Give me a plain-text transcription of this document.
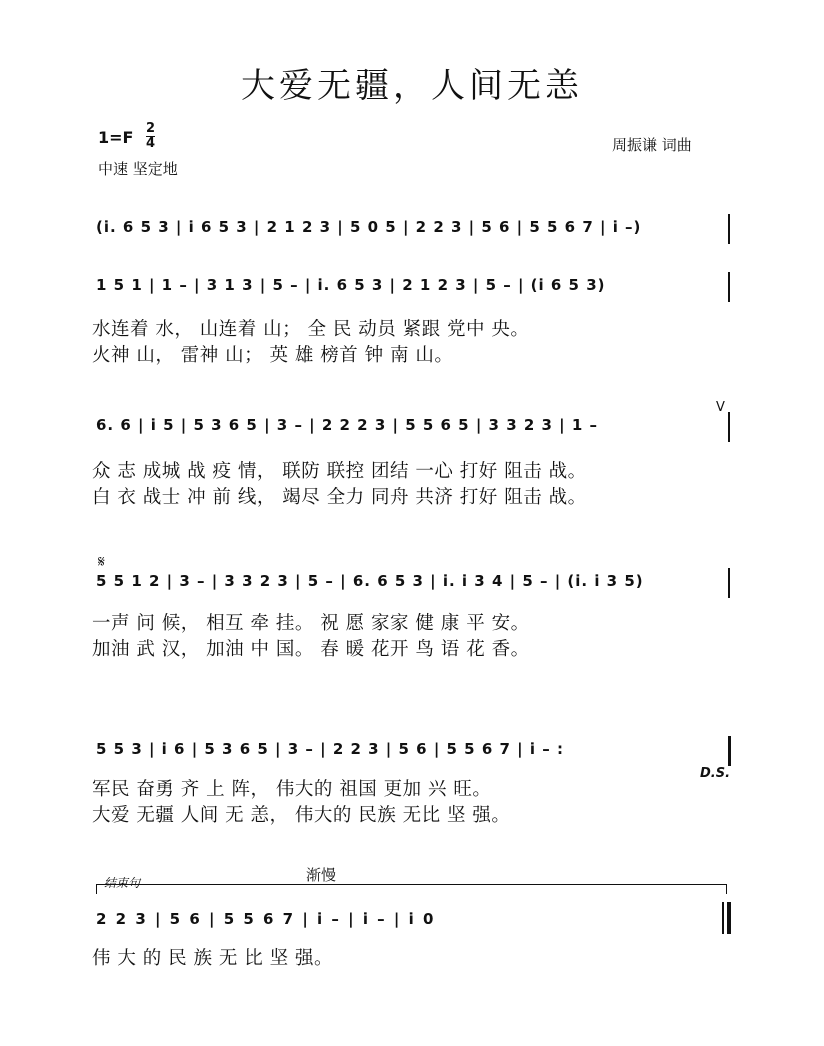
大爱无疆，人间无恙
1=F 2
4
中速 坚定地
周振谦 词曲
(i̇. 6 5 3 | i̇ 6 5 3 | 2 1 2 3 | 5 0 5 | 2 2 3 | 5 6 | 5 5 6 7 | i̇ –)
1 5 1 | 1 – | 3 1 3 | 5 – | i̇. 6 5 3 | 2 1 2 3 | 5 – | (i̇ 6 5 3)
水连着 水， 山连着 山； 全 民 动员 紧跟 党中 央。
火神 山， 雷神 山； 英 雄 榜首 钟 南 山。
6. 6 | i̇ 5 | 5 3 6 5 | 3 – | 2 2 2 3 | 5 5 6 5 | 3 3 2 3 | 1 –
V
众 志 成城 战 疫 情， 联防 联控 团结 一心 打好 阻击 战。
白 衣 战士 冲 前 线， 竭尽 全力 同舟 共济 打好 阻击 战。
𝄋
5 5 1 2 | 3 – | 3 3 2 3 | 5 – | 6. 6 5 3 | i̇. i̇ 3 4 | 5 – | (i̇. i̇ 3 5)
一声 问 候， 相互 牵 挂。 祝 愿 家家 健 康 平 安。
加油 武 汉， 加油 中 国。 春 暖 花开 鸟 语 花 香。
5 5 3 | i̇ 6 | 5 3 6 5 | 3 – | 2 2 3 | 5 6 | 5 5 6 7 | i̇ – :
D.S.
军民 奋勇 齐 上 阵， 伟大的 祖国 更加 兴 旺。
大爱 无疆 人间 无 恙， 伟大的 民族 无比 坚 强。
渐慢
结束句
2 2 3 | 5 6 | 5 5 6 7 | i̇ – | i̇ – | i̇ 0
伟 大 的 民 族 无 比 坚 强。
